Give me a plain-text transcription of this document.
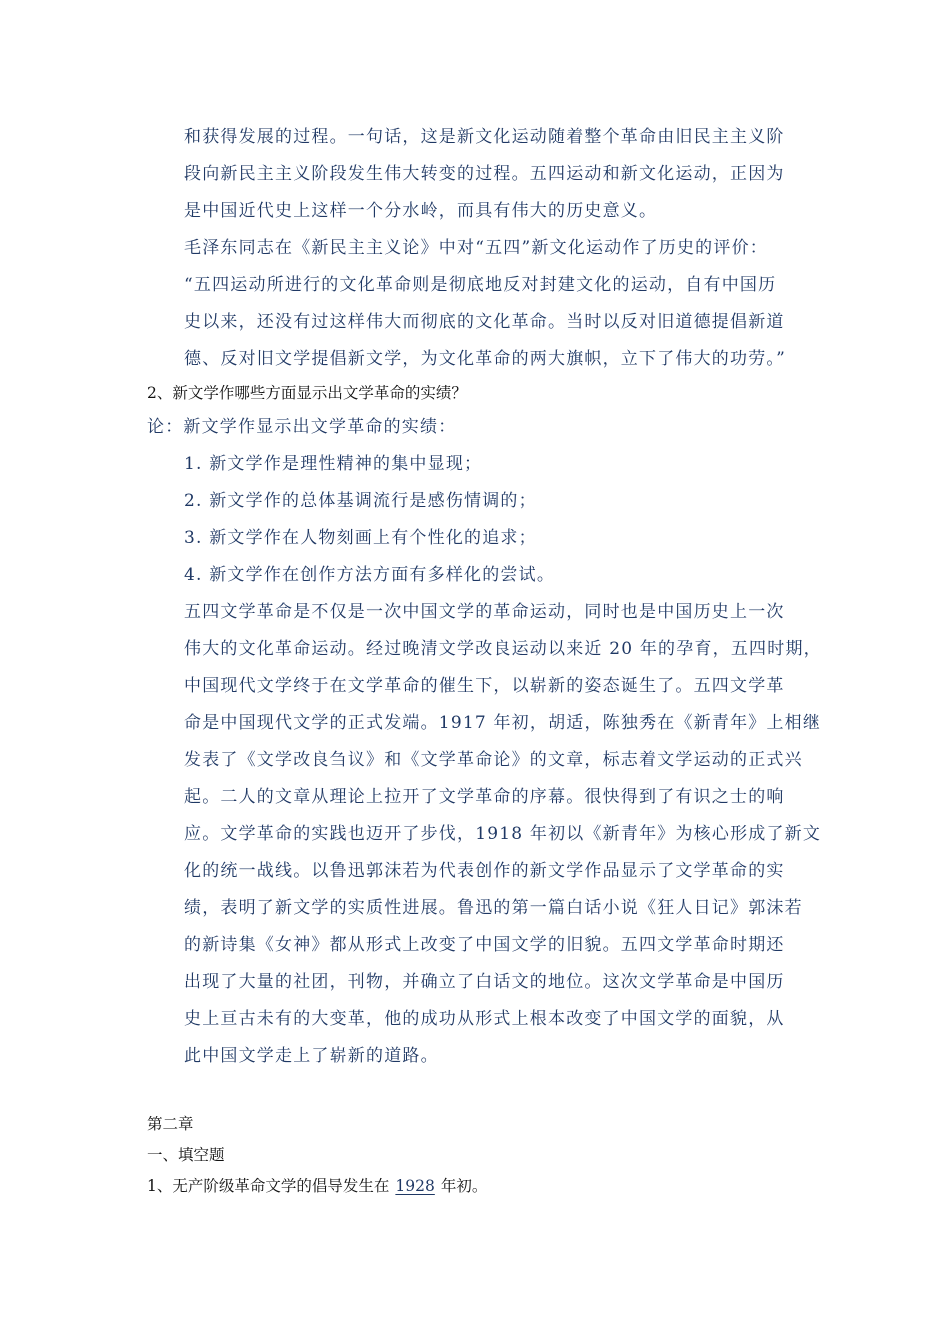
和获得发展的过程。一句话，这是新文化运动随着整个革命由旧民主主义阶
段向新民主主义阶段发生伟大转变的过程。五四运动和新文化运动，正因为
是中国近代史上这样一个分水岭，而具有伟大的历史意义。
毛泽东同志在《新民主主义论》中对“五四”新文化运动作了历史的评价：
“五四运动所进行的文化革命则是彻底地反对封建文化的运动，自有中国历
史以来，还没有过这样伟大而彻底的文化革命。当时以反对旧道德提倡新道
德、反对旧文学提倡新文学，为文化革命的两大旗帜，立下了伟大的功劳。”
2、新文学作哪些方面显示出文学革命的实绩？
论：新文学作显示出文学革命的实绩：
1. 新文学作是理性精神的集中显现；
2. 新文学作的总体基调流行是感伤情调的；
3. 新文学作在人物刻画上有个性化的追求；
4. 新文学作在创作方法方面有多样化的尝试。
五四文学革命是不仅是一次中国文学的革命运动，同时也是中国历史上一次
伟大的文化革命运动。经过晚清文学改良运动以来近 20 年的孕育，五四时期，
中国现代文学终于在文学革命的催生下，以崭新的姿态诞生了。五四文学革
命是中国现代文学的正式发端。1917 年初，胡适，陈独秀在《新青年》上相继
发表了《文学改良刍议》和《文学革命论》的文章，标志着文学运动的正式兴
起。二人的文章从理论上拉开了文学革命的序幕。很快得到了有识之士的响
应。文学革命的实践也迈开了步伐，1918 年初以《新青年》为核心形成了新文
化的统一战线。以鲁迅郭沫若为代表创作的新文学作品显示了文学革命的实
绩，表明了新文学的实质性进展。鲁迅的第一篇白话小说《狂人日记》郭沫若
的新诗集《女神》都从形式上改变了中国文学的旧貌。五四文学革命时期还
出现了大量的社团，刊物，并确立了白话文的地位。这次文学革命是中国历
史上亘古未有的大变革，他的成功从形式上根本改变了中国文学的面貌，从
此中国文学走上了崭新的道路。
第二章
一、填空题
1、无产阶级革命文学的倡导发生在 1928 年初。
